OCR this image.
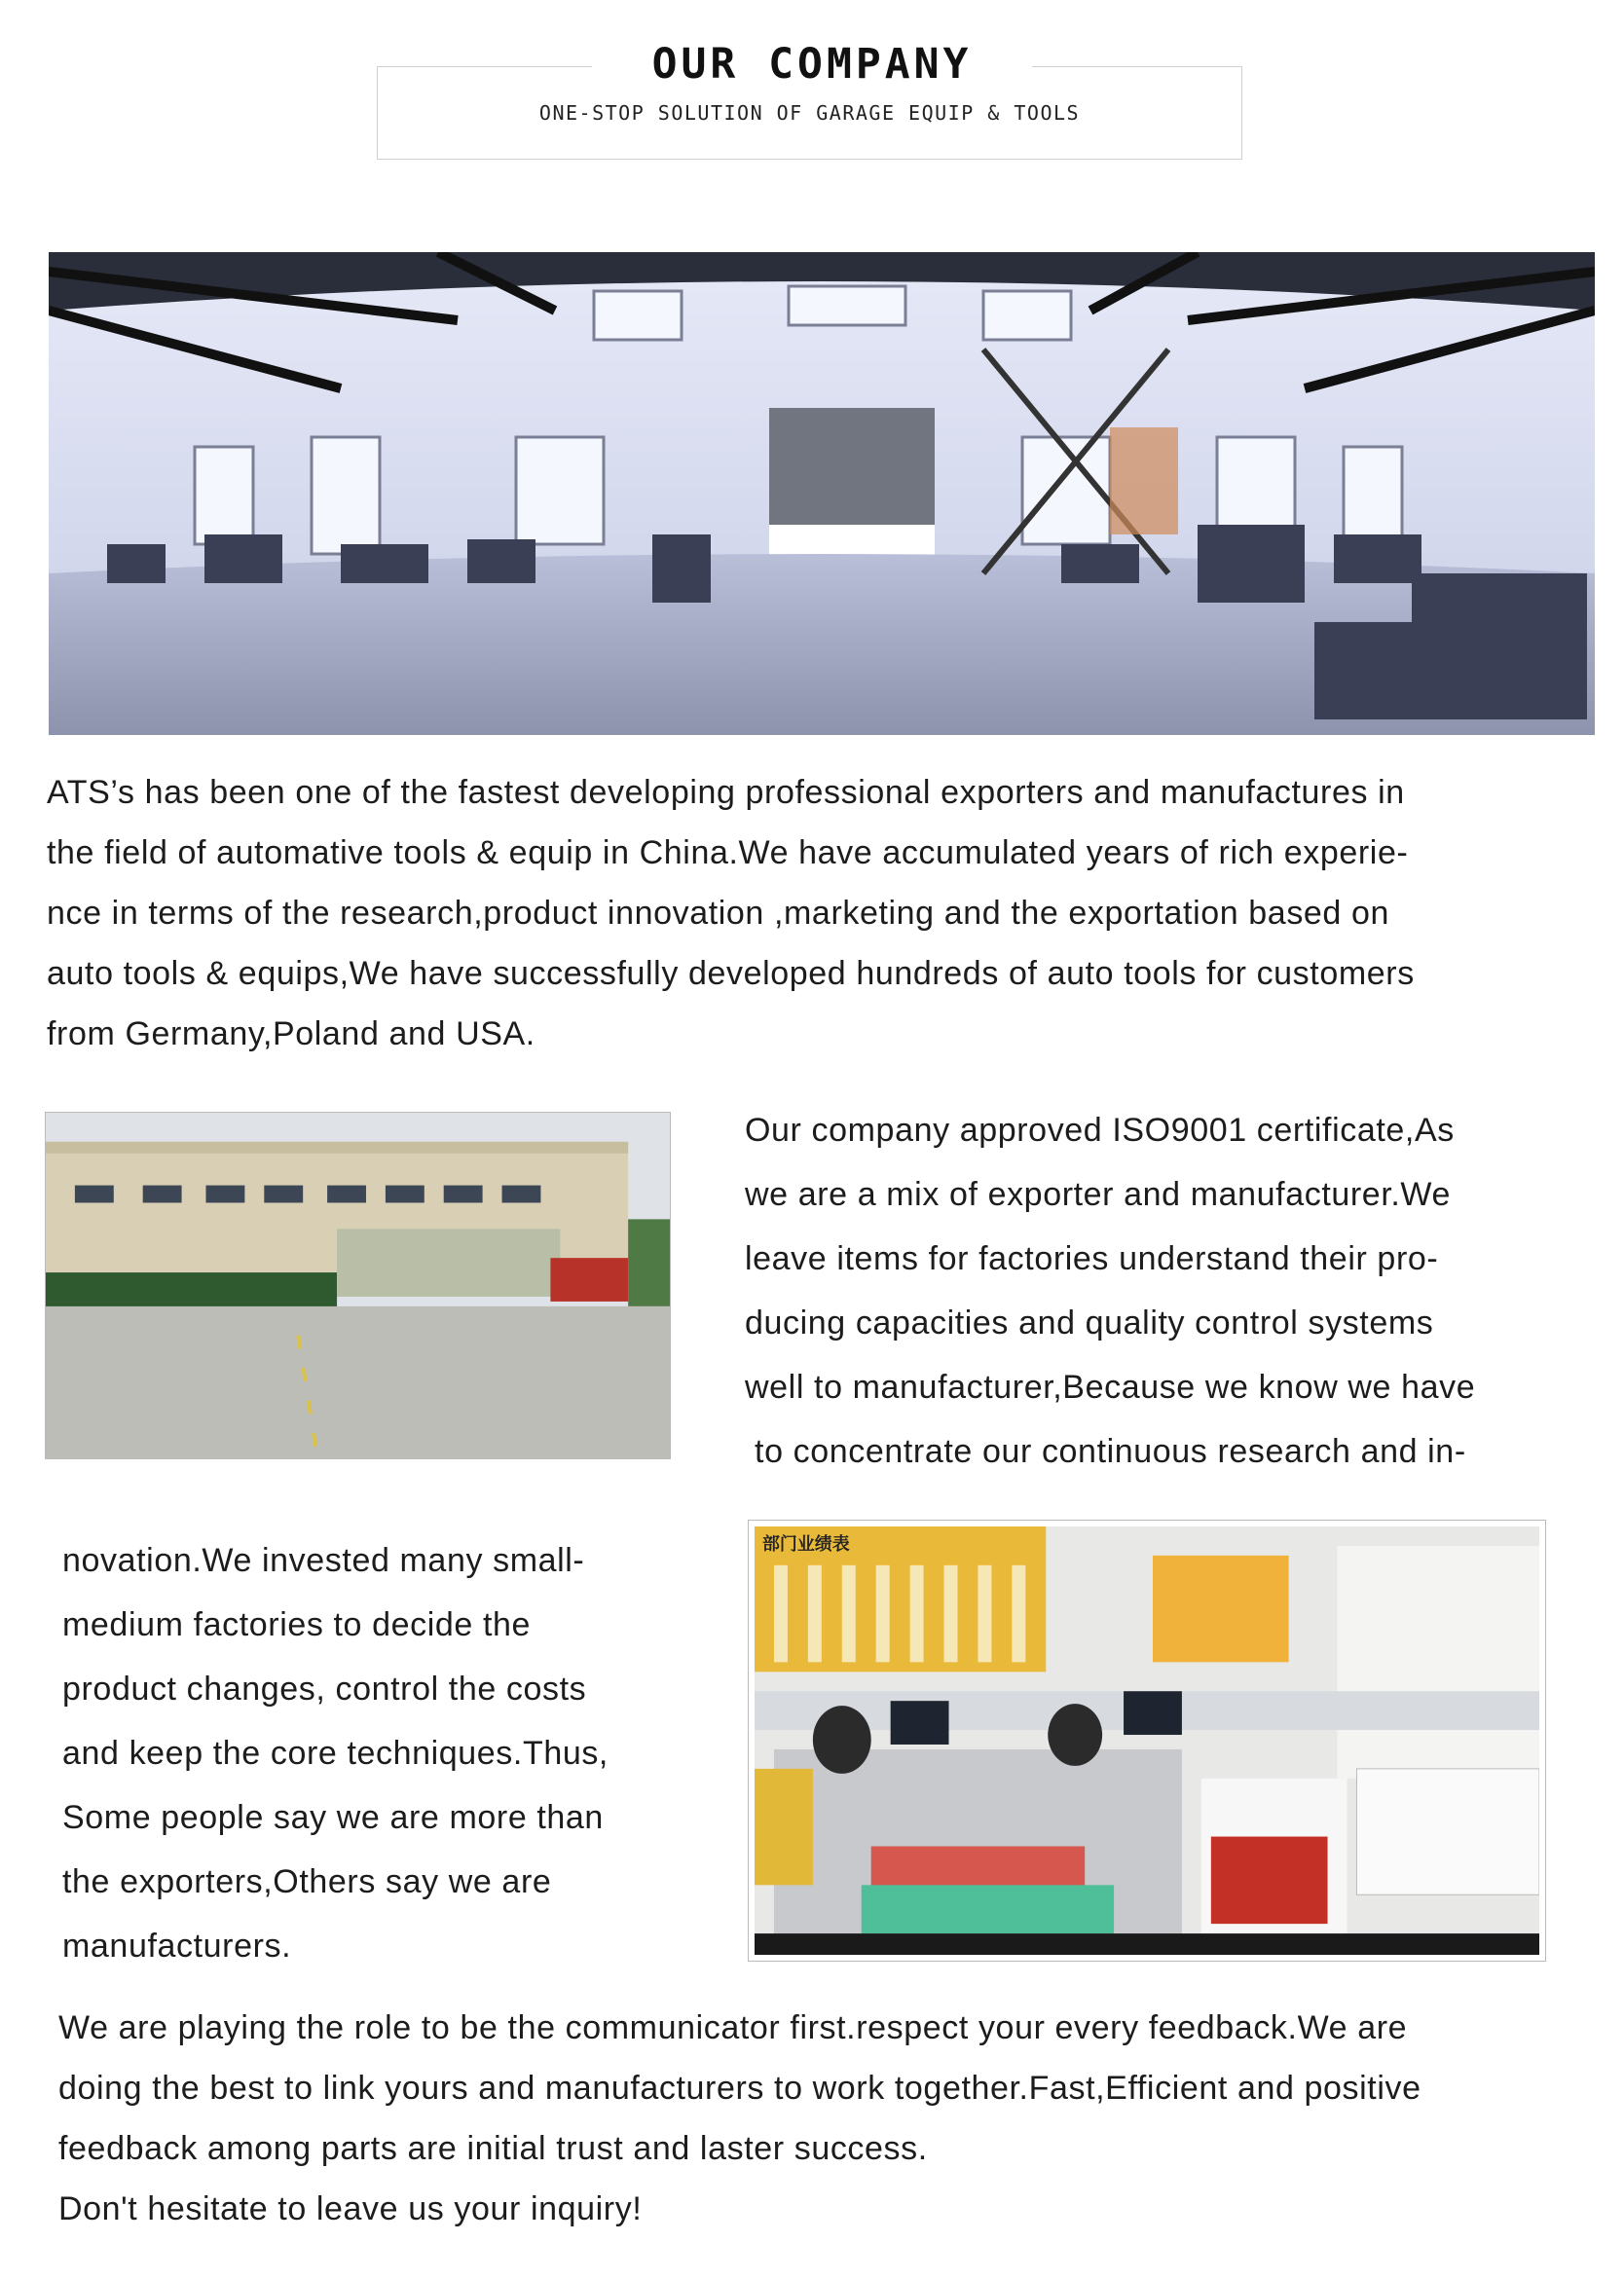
OUR COMPANY
ONE-STOP SOLUTION OF GARAGE EQUIP & TOOLS
ATS’s has been one of the fastest developing professional exporters and manufactures in
the field of automative tools & equip in China.We have accumulated years of rich experie-
nce in terms of the research,product innovation ,marketing and the exportation based on
auto tools & equips,We have successfully developed hundreds of auto tools for customers
from Germany,Poland and USA.
Our company approved ISO9001 certificate,As
we are a mix of exporter and manufacturer.We
leave items for factories understand their pro-
ducing capacities and quality control systems
well to manufacturer,Because we know we have
to concentrate our continuous research and in-
novation.We invested many small-
medium factories to decide the
product changes, control the costs
and keep the core techniques.Thus,
Some people say we are more than
the exporters,Others say we are
manufacturers.
部门业绩表
We are playing the role to be the communicator first.respect your every feedback.We are
doing the best to link yours and manufacturers to work together.Fast,Efficient and positive
feedback among parts are initial trust and laster success.
Don't hesitate to leave us your inquiry!
